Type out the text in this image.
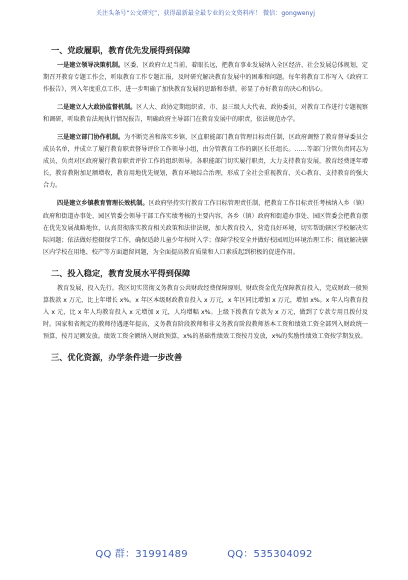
关注头条号“公文研究”，获得最新最全最专业的公文资料库！ 微信：gongwenyj
一、党政履职，教育优先发展得到保障

一是建立领导决策机制。区委、区政府立足当前，着眼长远，把教育事业发展纳入全区经济、社会发展总体规划，定期召开教育专题工作会，听取教育工作专题汇报，及时研究解决教育发展中的困难和问题。每年将教育工作写入《政府工作报告》，列入年度重点工作，进一步明确了加快教育发展的思路和举措，彰显了办好教育的决心和信心。

二是建立人大政协监督机制。区人大、政协定期组织省、市、县三级人大代表、政协委员，对教育工作进行专题视察和调研，听取教育法规执行情况报告，明确政府主导部门在教育发展中的职责，依法规范办学。

三是建立部门协作机制。为不断完善和落实乡镇、区直职能部门教育管理目标责任制，区政府调整了教育督导委员会成员名单，并成立了履行教育职责督导评价工作领导小组，由分管教育工作的副区长任组长。……等部门分管负责同志为成员，负责对区政府履行教育职责评价工作的组织领导。各职能部门切实履行职责，大力支持教育发展，教育经费逐年增长，教育教附加足额增收，教育用地优先规划，教育环境综合治理，形成了全社会重视教育、关心教育、支持教育的强大合力。

四是建立乡镇教育管理长效机制。区政府坚持实行教育工作目标管理责任制，把教育工作目标责任考核纳入乡（镇）政府和街道办事处、园区管委会领导干部工作实绩考核的主要内容，各乡（镇）政府和街道办事处、园区管委会把教育摆在优先发展战略地位，认真贯彻落实教育相关政策和法律法规，加大教育投入，营造良好环境，切实帮助辖区学校解决实际问题；依法做好控辍保学工作，确保适龄儿童少年按时入学；保障学校安全并做好校园周边环境治理工作；彻底解决辖区内学校在用地、校产等方面遗留问题，为全面提高教育质量和人口素质起到积极的促进作用。

二、投入稳定，教育发展水平得到保障

教育发展，投入先行。我区切实贯彻义务教育公共财政经费保障原则，财政资金优先保障教育投入，完成财政一般预算拨款 x 万元，比上年增长 x%。x 年区本级财政教育投入 x 万元，x 年区同比增加 x 万元，增加 x%。x 年人均教育投入 x 元，比 x 年人均教育投入 x 元增加 x 元，人均增幅 x%。上级下拨教育专款为 x 万元，做到了专款专用且拨付及时。国家和省规定的教师待遇逐年提高，义务教育阶段教师和非义务教育阶段教师基本工资和绩效工资全部列入财政统一预算，按月足额发放。绩效工资全额纳入财政预算，x%的基础性绩效工资按月发放，x%的奖励性绩效工资按学期发放。

三、优化资源，办学条件进一步改善
QQ 群：31991489	QQ：535304092
